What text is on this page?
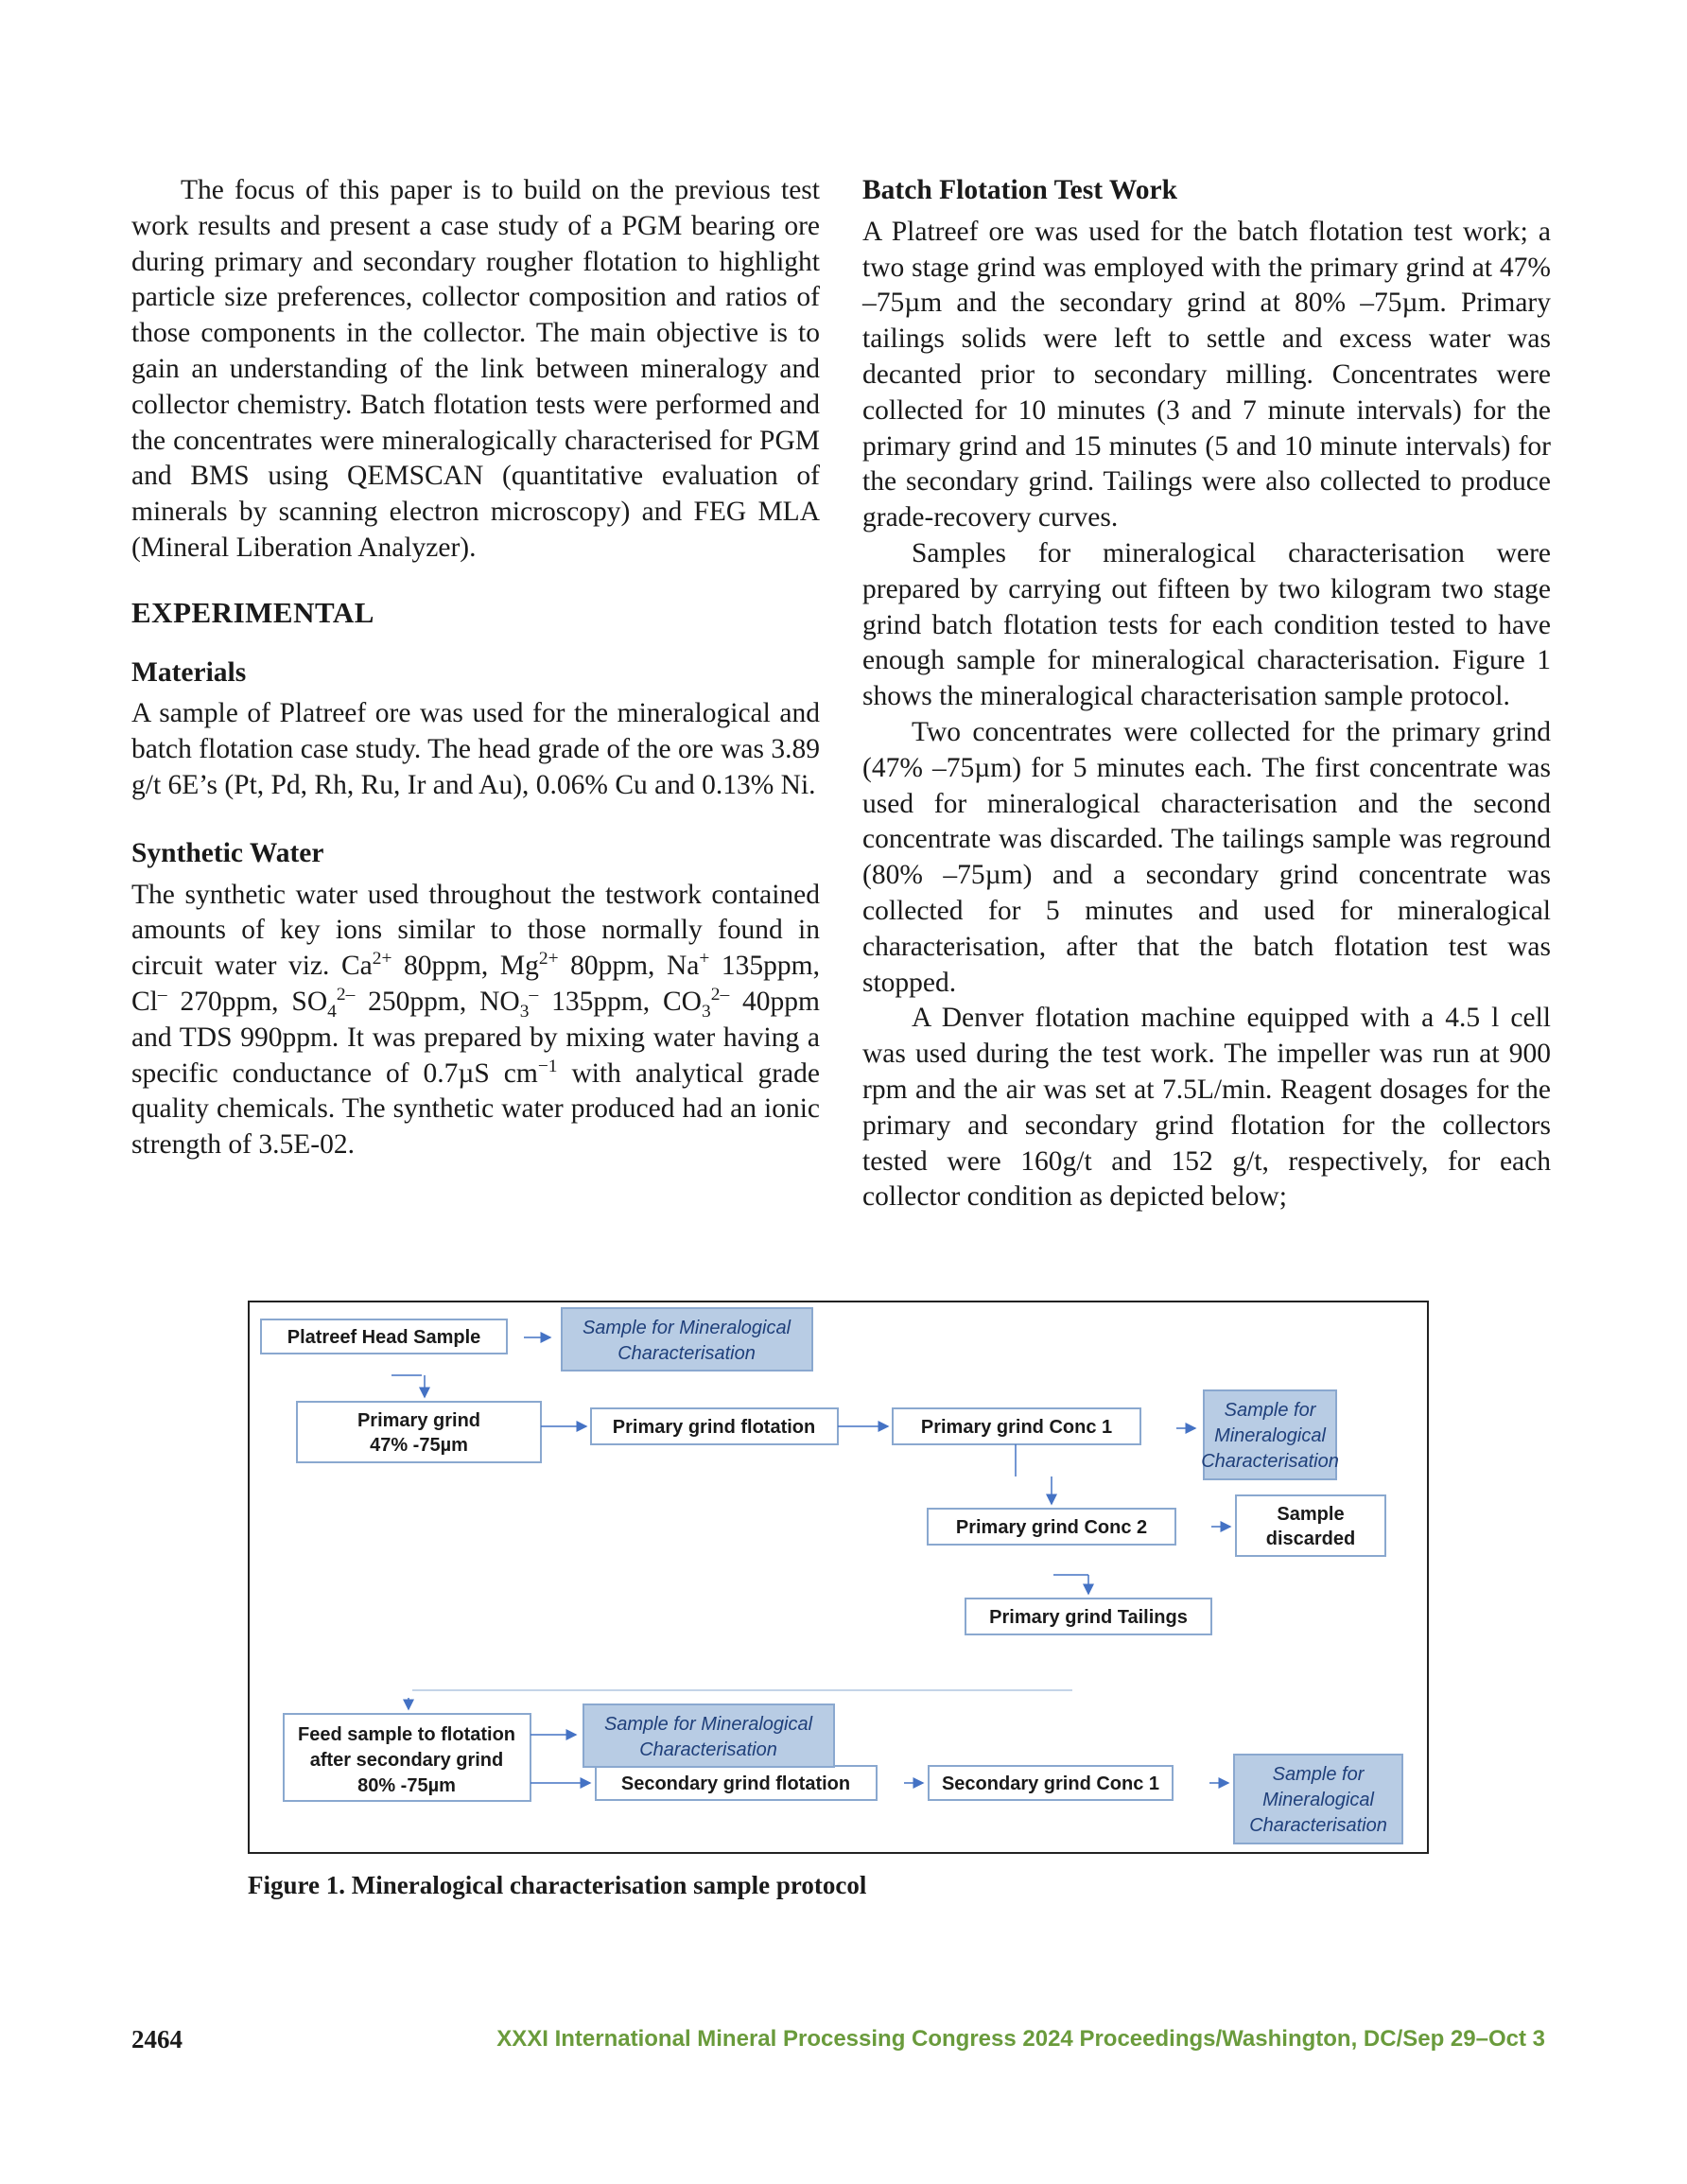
The focus of this paper is to build on the previous test work results and present a case study of a PGM bearing ore during primary and secondary rougher flotation to highlight particle size preferences, collector composition and ratios of those components in the collector. The main objective is to gain an understanding of the link between mineralogy and collector chemistry. Batch flotation tests were performed and the concentrates were mineralogically characterised for PGM and BMS using QEMSCAN (quantitative evaluation of minerals by scanning electron microscopy) and FEG MLA (Mineral Liberation Analyzer).

EXPERIMENTAL
Materials

A sample of Platreef ore was used for the mineralogical and batch flotation case study. The head grade of the ore was 3.89 g/t 6E’s (Pt, Pd, Rh, Ru, Ir and Au), 0.06% Cu and 0.13% Ni.

Synthetic Water

The synthetic water used throughout the testwork contained amounts of key ions similar to those normally found in circuit water viz. $Ca^{2+}$ 80ppm, $Mg^{2+}$ 80ppm, Na+ 135ppm, Cl– 270ppm, $SO_4^{2-}$ 250ppm, $NO_3^-$ 135ppm, $CO_3^{2-}$ 40ppm and TDS 990ppm. It was prepared by mixing water having a specific conductance of 0.7µS $cm^{-1}$ with analytical grade quality chemicals. The synthetic water produced had an ionic strength of 3.5E-02.

Batch Flotation Test Work

A Platreef ore was used for the batch flotation test work; a two stage grind was employed with the primary grind at 47% –75µm and the secondary grind at 80% –75µm. Primary tailings solids were left to settle and excess water was decanted prior to secondary milling. Concentrates were collected for 10 minutes (3 and 7 minute intervals) for the primary grind and 15 minutes (5 and 10 minute intervals) for the secondary grind. Tailings were also collected to produce grade-recovery curves.

Samples for mineralogical characterisation were prepared by carrying out fifteen by two kilogram two stage grind batch flotation tests for each condition tested to have enough sample for mineralogical characterisation. Figure 1 shows the mineralogical characterisation sample protocol.

Two concentrates were collected for the primary grind (47% –75µm) for 5 minutes each. The first concentrate was used for mineralogical characterisation and the second concentrate was discarded. The tailings sample was reground (80% –75µm) and a secondary grind concentrate was collected for 5 minutes and used for mineralogical characterisation, after that the batch flotation test was stopped.

A Denver flotation machine equipped with a 4.5 l cell was used during the test work. The impeller was run at 900 rpm and the air was set at 7.5L/min. Reagent dosages for the primary and secondary grind flotation for the collectors tested were 160g/t and 152 g/t, respectively, for each collector condition as depicted below;

Platreef Head Sample	Sample for Mineralogical
Characterisation
Primary grind
47% -75µm
Primary grind flotation	Primary grind Conc 1
Sample for
Mineralogical
Characterisation
Primary grind Conc 2
Sample
discarded
Primary grind Tailings
Feed sample to flotation
after secondary grind
80% -75µm
Sample for Mineralogical
Characterisation
Secondary grind flotation	Secondary grind Conc 1	Sample for
Mineralogical
Characterisation
Figure 1. Mineralogical characterisation sample protocol
2464	XXXI International Mineral Processing Congress 2024 Proceedings/Washington, DC/Sep 29–Oct 3
